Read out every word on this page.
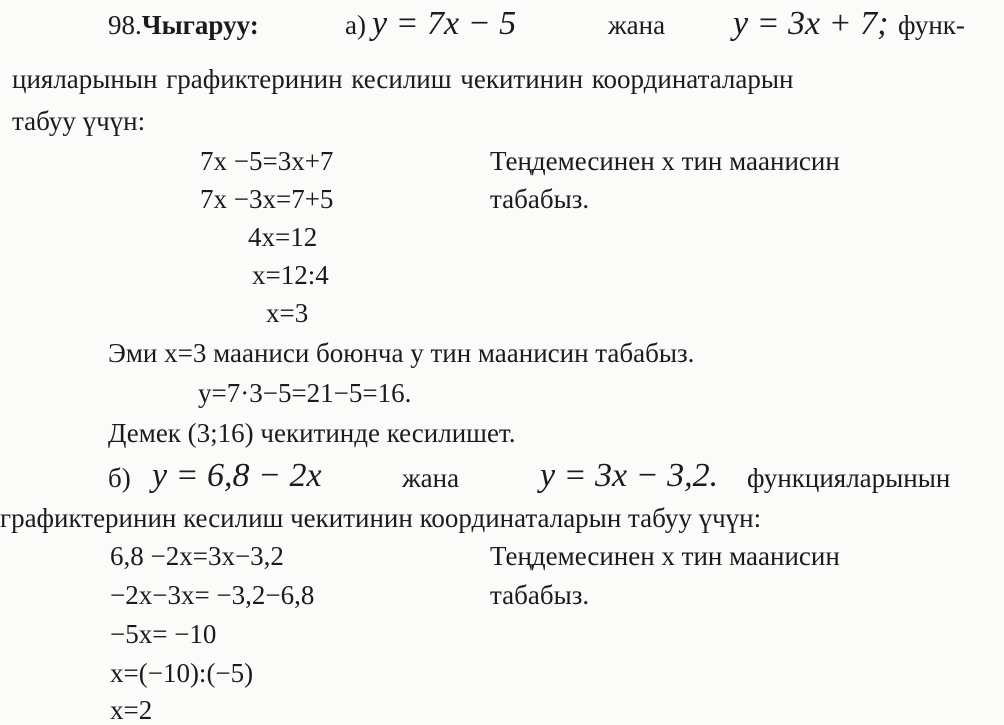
98.Чыгаруу:	а) y = 7x − 5	жана y = 3x + 7; функ-
цияларынын графиктеринин кесилиш чекитинин координаталарын
табуу үчүн:
7x −5=3x+7
7x −3x=7+5
4x=12
x=12:4
x=3
Теңдемесинен x тин маанисин
табабыз.
Эми x=3 мааниси боюнча у тин маанисин табабыз.
y=7·3−5=21−5=16.
Демек (3;16) чекитинде кесилишет.
б) y = 6,8 − 2x	жана y = 3x − 3,2. функцияларынын
графиктеринин кесилиш чекитинин координаталарын табуу үчүн:
6,8 −2x=3x−3,2
−2x−3x= −3,2−6,8
−5x= −10
x=(−10):(−5)
x=2
Теңдемесинен x тин маанисин
табабыз.
